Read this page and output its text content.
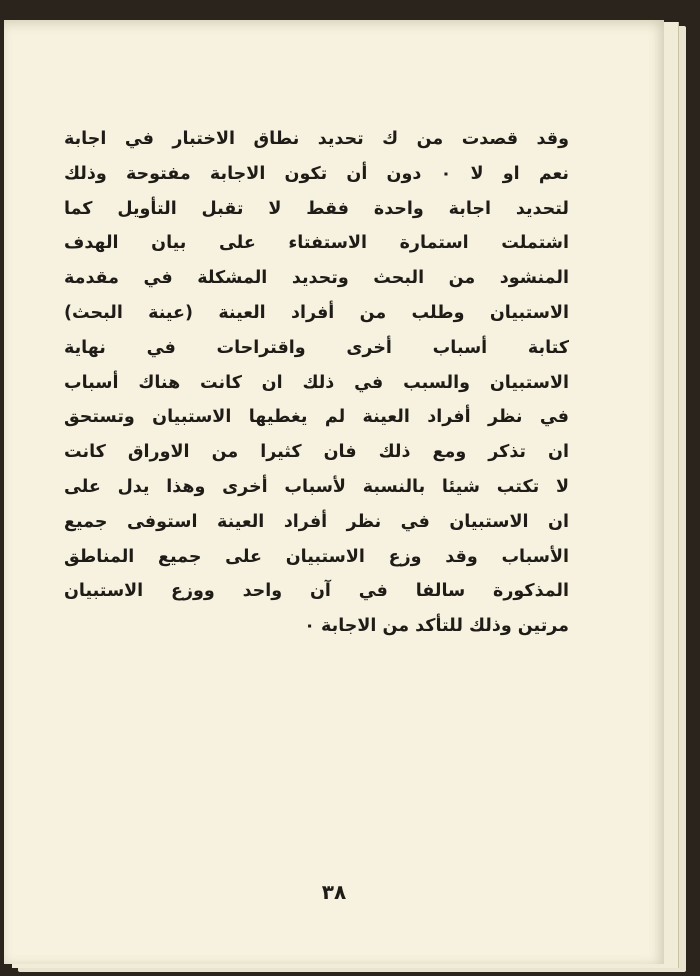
وقد قصدت من ك تحديد نطاق الاختبار في اجابة
نعم او لا ٠ دون أن تكون الاجابة مفتوحة وذلك
لتحديد اجابة واحدة فقط لا تقبل التأويل كما
اشتملت استمارة الاستفتاء على بيان الهدف
المنشود من البحث وتحديد المشكلة في مقدمة
الاستبيان وطلب من أفراد العينة (عينة البحث)
كتابة أسباب أخرى واقتراحات في نهاية
الاستبيان والسبب في ذلك ان كانت هناك أسباب
في نظر أفراد العينة لم يغطيها الاستبيان وتستحق
ان تذكر ومع ذلك فان كثيرا من الاوراق كانت
لا تكتب شيئا بالنسبة لأسباب أخرى وهذا يدل على
ان الاستبيان في نظر أفراد العينة استوفى جميع
الأسباب وقد وزع الاستبيان على جميع المناطق
المذكورة سالفا في آن واحد ووزع الاستبيان
مرتين وذلك للتأكد من الاجابة ٠
٣٨
